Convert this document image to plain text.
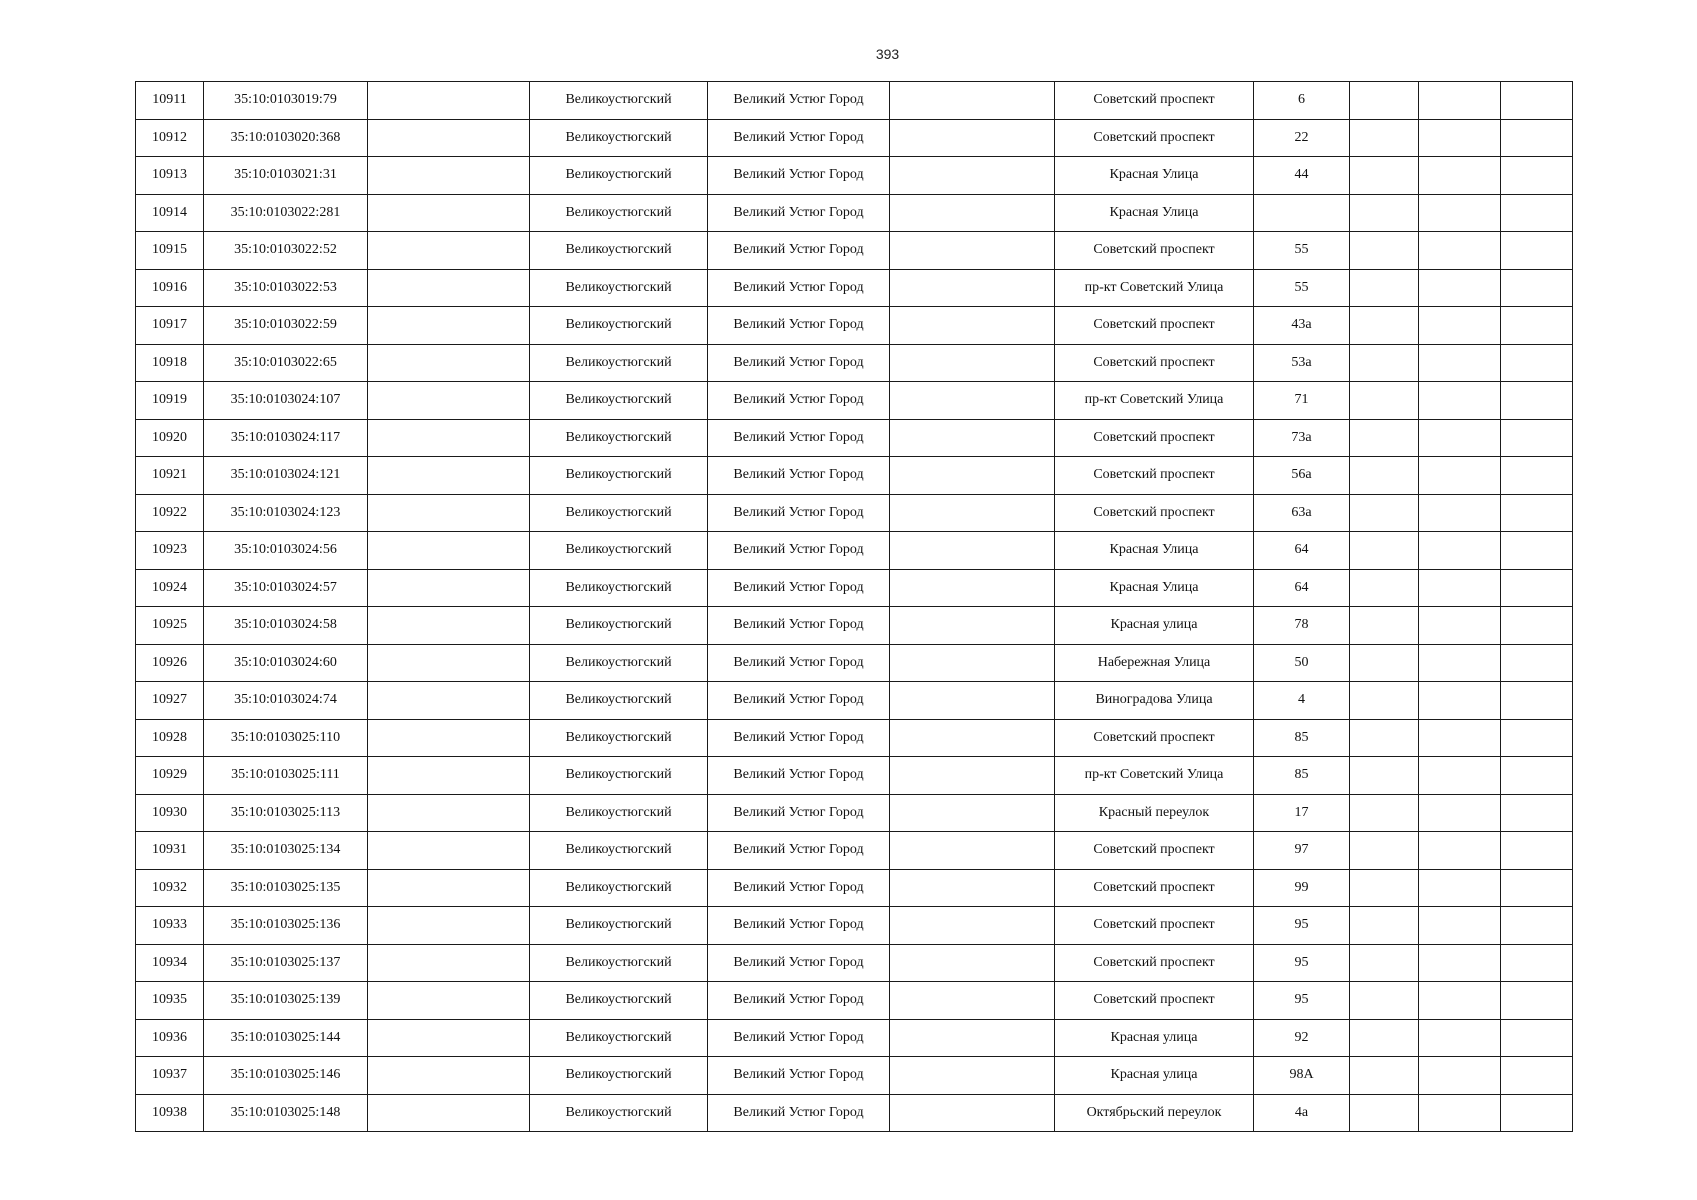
393
10911	35:10:0103019:79		Великоустюгский	Великий Устюг Город		Советский проспект	6			
10912	35:10:0103020:368		Великоустюгский	Великий Устюг Город		Советский проспект	22			
10913	35:10:0103021:31		Великоустюгский	Великий Устюг Город		Красная Улица	44			
10914	35:10:0103022:281		Великоустюгский	Великий Устюг Город		Красная Улица				
10915	35:10:0103022:52		Великоустюгский	Великий Устюг Город		Советский проспект	55			
10916	35:10:0103022:53		Великоустюгский	Великий Устюг Город		пр-кт Советский Улица	55			
10917	35:10:0103022:59		Великоустюгский	Великий Устюг Город		Советский проспект	43а			
10918	35:10:0103022:65		Великоустюгский	Великий Устюг Город		Советский проспект	53а			
10919	35:10:0103024:107		Великоустюгский	Великий Устюг Город		пр-кт Советский Улица	71			
10920	35:10:0103024:117		Великоустюгский	Великий Устюг Город		Советский проспект	73а			
10921	35:10:0103024:121		Великоустюгский	Великий Устюг Город		Советский проспект	56а			
10922	35:10:0103024:123		Великоустюгский	Великий Устюг Город		Советский проспект	63а			
10923	35:10:0103024:56		Великоустюгский	Великий Устюг Город		Красная Улица	64			
10924	35:10:0103024:57		Великоустюгский	Великий Устюг Город		Красная Улица	64			
10925	35:10:0103024:58		Великоустюгский	Великий Устюг Город		Красная улица	78			
10926	35:10:0103024:60		Великоустюгский	Великий Устюг Город		Набережная Улица	50			
10927	35:10:0103024:74		Великоустюгский	Великий Устюг Город		Виноградова Улица	4			
10928	35:10:0103025:110		Великоустюгский	Великий Устюг Город		Советский проспект	85			
10929	35:10:0103025:111		Великоустюгский	Великий Устюг Город		пр-кт Советский Улица	85			
10930	35:10:0103025:113		Великоустюгский	Великий Устюг Город		Красный переулок	17			
10931	35:10:0103025:134		Великоустюгский	Великий Устюг Город		Советский проспект	97			
10932	35:10:0103025:135		Великоустюгский	Великий Устюг Город		Советский проспект	99			
10933	35:10:0103025:136		Великоустюгский	Великий Устюг Город		Советский проспект	95			
10934	35:10:0103025:137		Великоустюгский	Великий Устюг Город		Советский проспект	95			
10935	35:10:0103025:139		Великоустюгский	Великий Устюг Город		Советский проспект	95			
10936	35:10:0103025:144		Великоустюгский	Великий Устюг Город		Красная улица	92			
10937	35:10:0103025:146		Великоустюгский	Великий Устюг Город		Красная улица	98А			
10938	35:10:0103025:148		Великоустюгский	Великий Устюг Город		Октябрьский переулок	4а			
